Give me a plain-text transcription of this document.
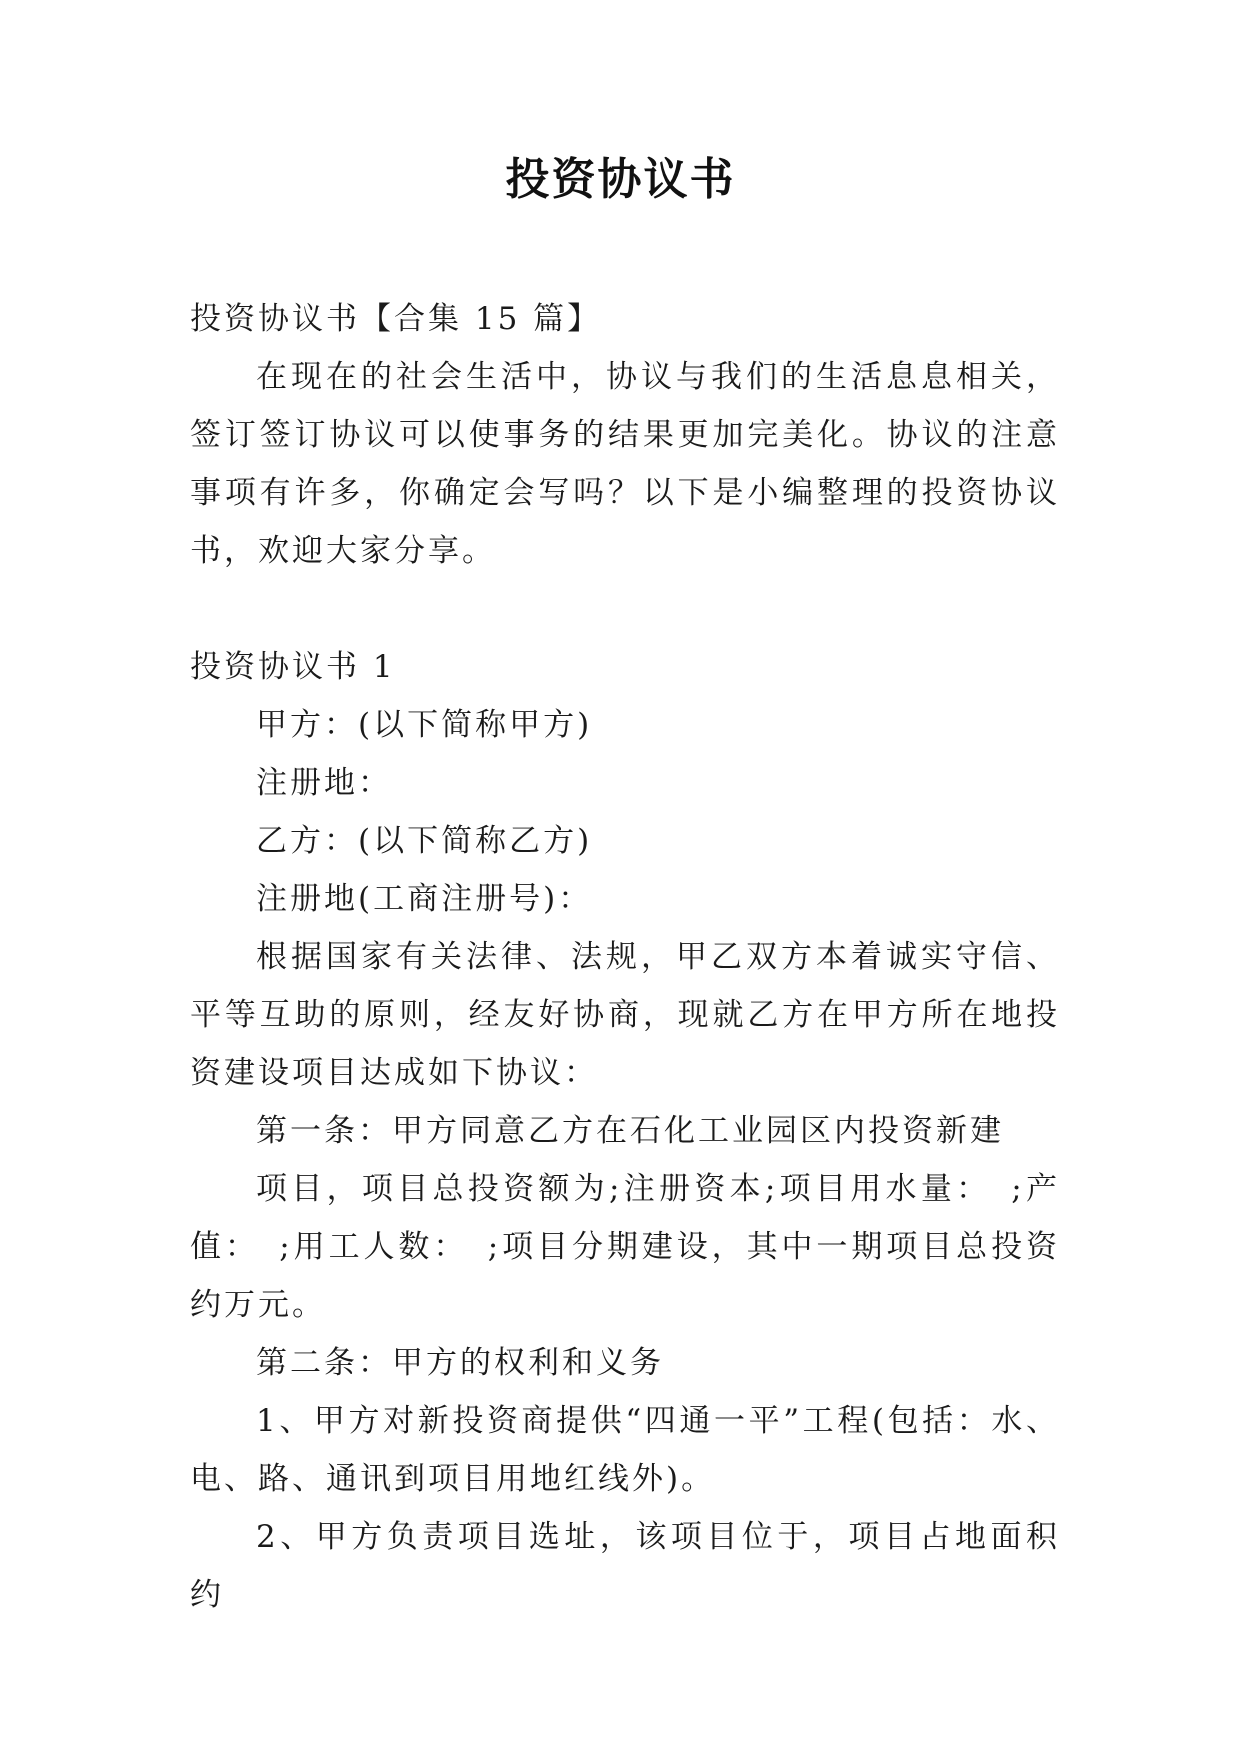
投资协议书

投资协议书【合集 15 篇】

在现在的社会生活中，协议与我们的生活息息相关，签订签订协议可以使事务的结果更加完美化。协议的注意事项有许多，你确定会写吗？以下是小编整理的投资协议书，欢迎大家分享。

投资协议书 1

甲方：(以下简称甲方)

注册地：

乙方：(以下简称乙方)

注册地(工商注册号)：

根据国家有关法律、法规，甲乙双方本着诚实守信、平等互助的原则，经友好协商，现就乙方在甲方所在地投资建设项目达成如下协议：

第一条：甲方同意乙方在石化工业园区内投资新建

项目，项目总投资额为;注册资本;项目用水量：　;产值：　;用工人数：　;项目分期建设，其中一期项目总投资约万元。

第二条：甲方的权利和义务

1、甲方对新投资商提供“四通一平”工程(包括：水、电、路、通讯到项目用地红线外)。

2、甲方负责项目选址，该项目位于，项目占地面积约
